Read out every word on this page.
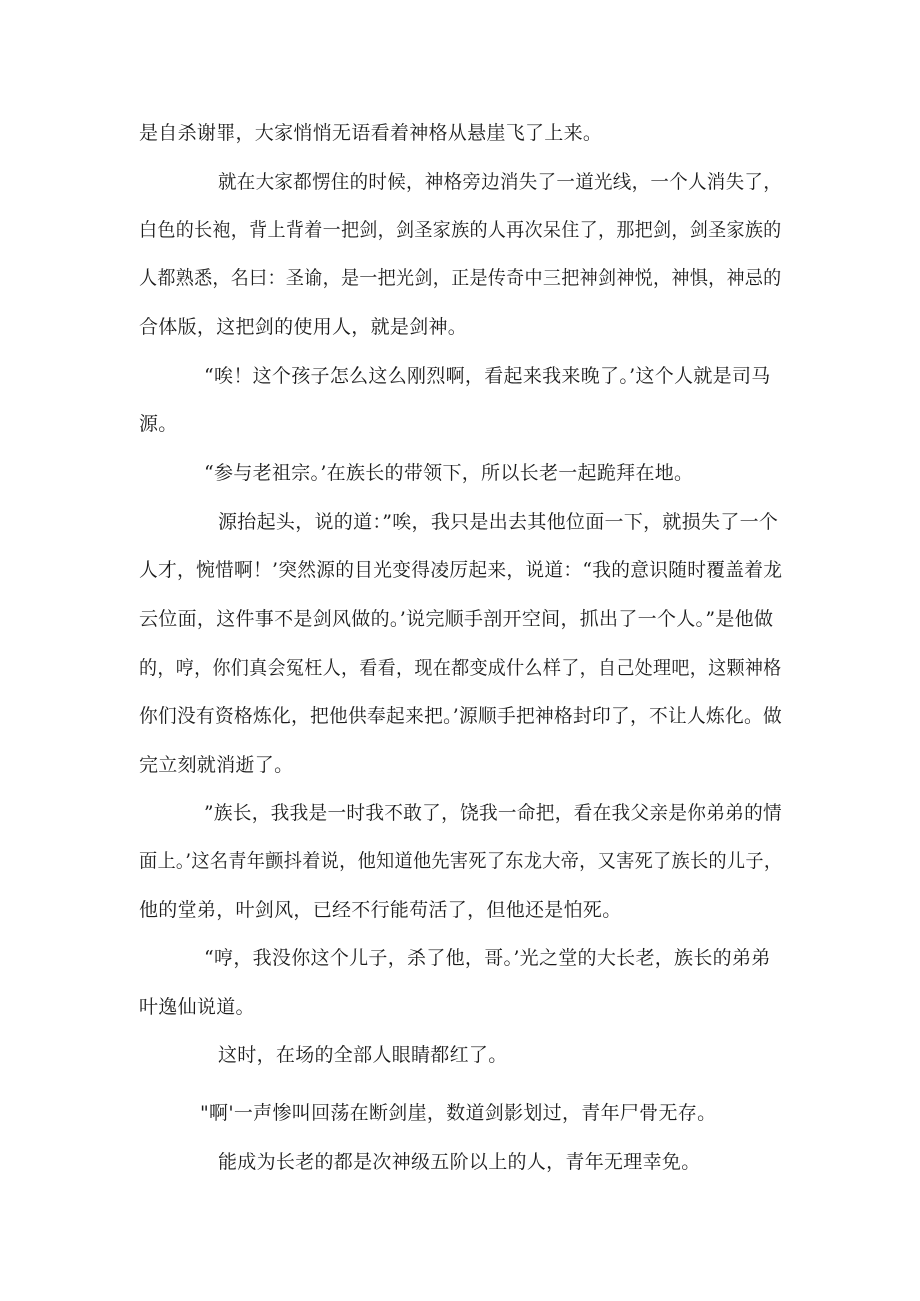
是自杀谢罪，大家悄悄无语看着神格从悬崖飞了上来。
就在大家都愣住的时候，神格旁边消失了一道光线，一个人消失了，
白色的长袍，背上背着一把剑，剑圣家族的人再次呆住了，那把剑，剑圣家族的
人都熟悉，名曰：圣谕，是一把光剑，正是传奇中三把神剑神悦，神惧，神忌的
合体版，这把剑的使用人，就是剑神。
“唉！这个孩子怎么这么刚烈啊，看起来我来晚了。’这个人就是司马
源。
“参与老祖宗。’在族长的带领下，所以长老一起跪拜在地。
源抬起头，说的道：”唉，我只是出去其他位面一下，就损失了一个
人才，惋惜啊！’突然源的目光变得凌厉起来，说道：“我的意识随时覆盖着龙
云位面，这件事不是剑风做的。’说完顺手剖开空间，抓出了一个人。”是他做
的，哼，你们真会冤枉人，看看，现在都变成什么样了，自己处理吧，这颗神格
你们没有资格炼化，把他供奉起来把。’源顺手把神格封印了，不让人炼化。做
完立刻就消逝了。
”族长，我我是一时我不敢了，饶我一命把，看在我父亲是你弟弟的情
面上。’这名青年颤抖着说，他知道他先害死了东龙大帝，又害死了族长的儿子，
他的堂弟，叶剑风，已经不行能苟活了，但他还是怕死。
“哼，我没你这个儿子，杀了他，哥。’光之堂的大长老，族长的弟弟
叶逸仙说道。
这时，在场的全部人眼睛都红了。
"啊'一声惨叫回荡在断剑崖，数道剑影划过，青年尸骨无存。
能成为长老的都是次神级五阶以上的人，青年无理幸免。
